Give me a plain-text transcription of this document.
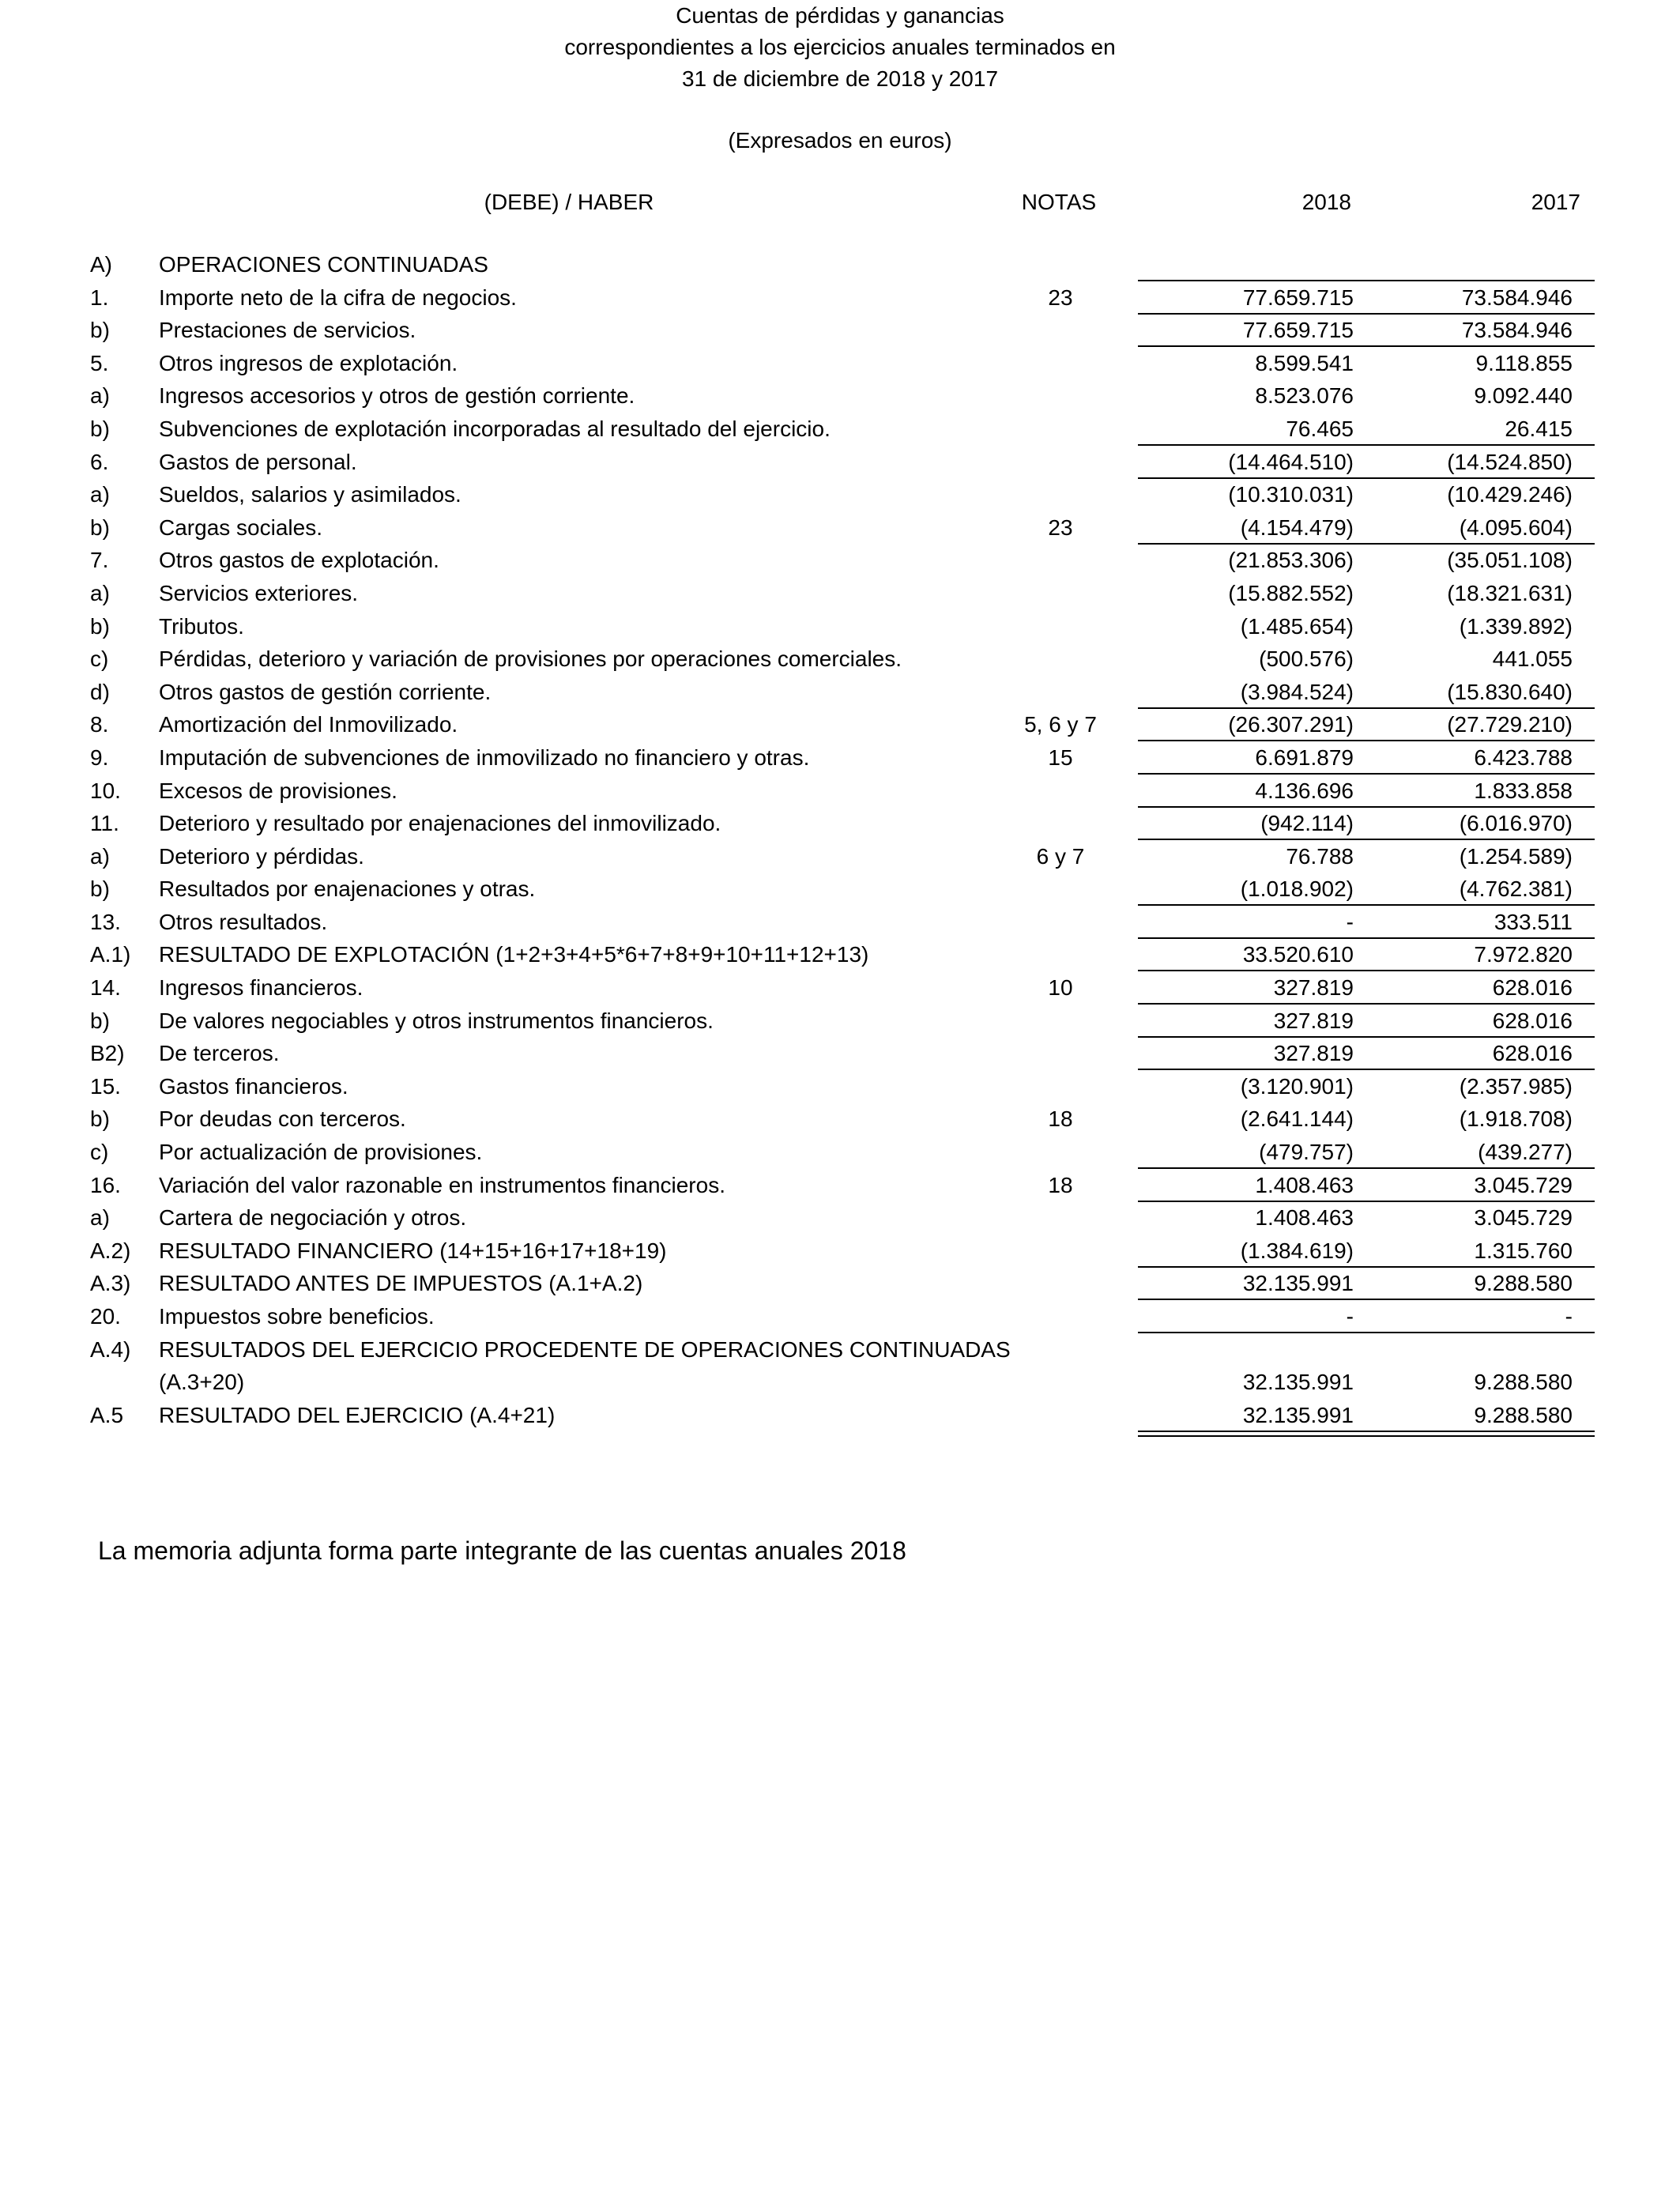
Cuentas de pérdidas y ganancias
correspondientes a los ejercicios anuales terminados en
31 de diciembre de 2018 y 2017
(Expresados en euros)
(DEBE) / HABER	NOTAS	2018	2017
A)	OPERACIONES CONTINUADAS
1.	Importe neto de la cifra de negocios.	23	77.659.715	73.584.946
b)	Prestaciones de servicios.	77.659.715	73.584.946
5.	Otros ingresos de explotación.	8.599.541	9.118.855
a)	Ingresos accesorios y otros de gestión corriente.	8.523.076	9.092.440
b)	Subvenciones de explotación incorporadas al resultado del ejercicio.	76.465	26.415
6.	Gastos de personal.	(14.464.510)	(14.524.850)
a)	Sueldos, salarios y asimilados.	(10.310.031)	(10.429.246)
b)	Cargas sociales.	23	(4.154.479)	(4.095.604)
7.	Otros gastos de explotación.	(21.853.306)	(35.051.108)
a)	Servicios exteriores.	(15.882.552)	(18.321.631)
b)	Tributos.	(1.485.654)	(1.339.892)
c)	Pérdidas, deterioro y variación de provisiones por operaciones comerciales.	(500.576)	441.055
d)	Otros gastos de gestión corriente.	(3.984.524)	(15.830.640)
8.	Amortización del Inmovilizado.	5, 6 y 7	(26.307.291)	(27.729.210)
9.	Imputación de subvenciones de inmovilizado no financiero y otras.	15	6.691.879	6.423.788
10.	Excesos de provisiones.	4.136.696	1.833.858
11.	Deterioro y resultado por enajenaciones del inmovilizado.	(942.114)	(6.016.970)
a)	Deterioro y pérdidas.	6 y 7	76.788	(1.254.589)
b)	Resultados por enajenaciones y otras.	(1.018.902)	(4.762.381)
13.	Otros resultados.	-	333.511
A.1)	RESULTADO DE EXPLOTACIÓN (1+2+3+4+5*6+7+8+9+10+11+12+13)	33.520.610	7.972.820
14.	Ingresos financieros.	10	327.819	628.016
b)	De valores negociables y otros instrumentos financieros.	327.819	628.016
B2)	De terceros.	327.819	628.016
15.	Gastos financieros.	(3.120.901)	(2.357.985)
b)	Por deudas con terceros.	18	(2.641.144)	(1.918.708)
c)	Por actualización de provisiones.	(479.757)	(439.277)
16.	Variación del valor razonable en instrumentos financieros.	18	1.408.463	3.045.729
a)	Cartera de negociación y otros.	1.408.463	3.045.729
A.2)	RESULTADO FINANCIERO (14+15+16+17+18+19)	(1.384.619)	1.315.760
A.3)	RESULTADO ANTES DE IMPUESTOS (A.1+A.2)	32.135.991	9.288.580
20.	Impuestos sobre beneficios.	-	-
A.4)	RESULTADOS DEL EJERCICIO PROCEDENTE DE OPERACIONES CONTINUADAS (A.3+20)	32.135.991	9.288.580
A.5	RESULTADO DEL EJERCICIO (A.4+21)	32.135.991	9.288.580
La memoria adjunta forma parte integrante de las cuentas anuales 2018
